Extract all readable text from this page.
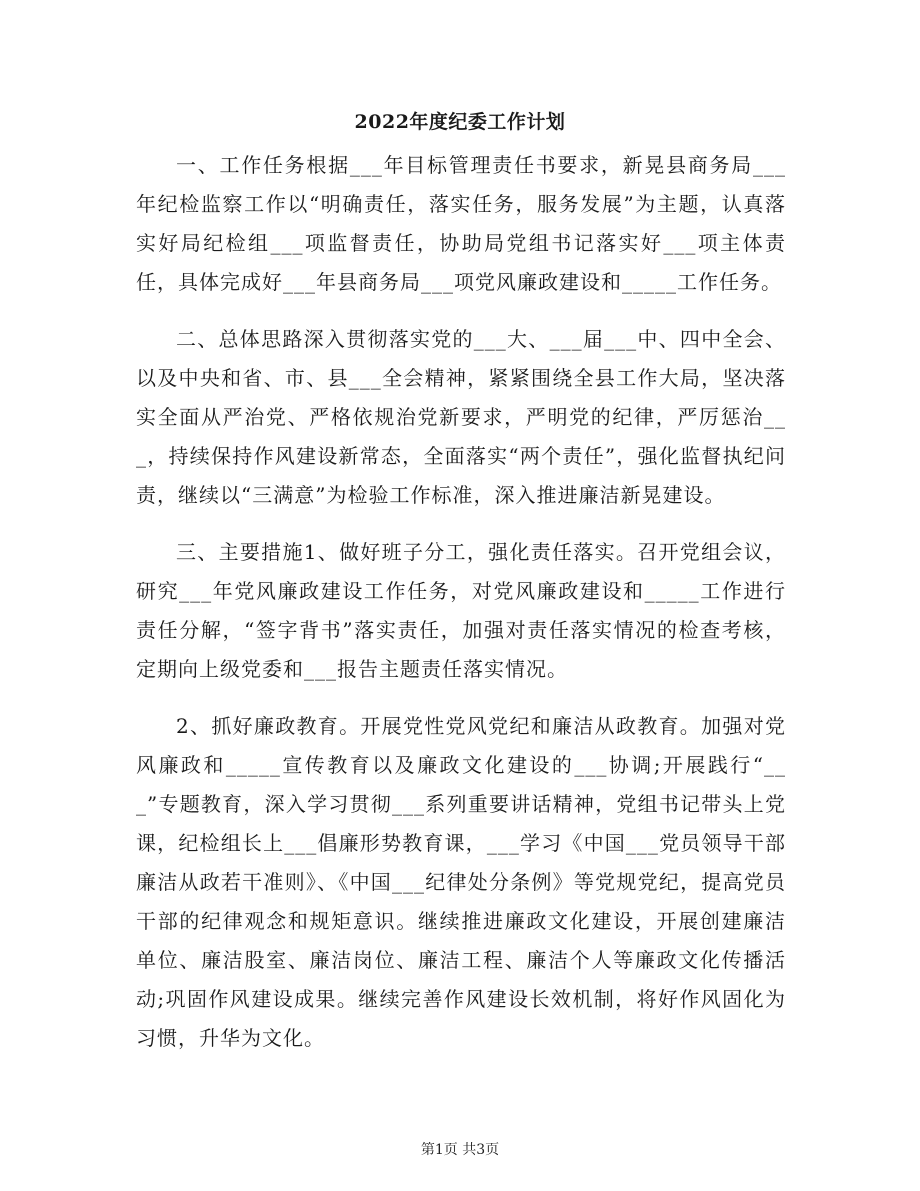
2022年度纪委工作计划

一、工作任务根据___年目标管理责任书要求，新晃县商务局___年纪检监察工作以“明确责任，落实任务，服务发展”为主题，认真落实好局纪检组___项监督责任，协助局党组书记落实好___项主体责任，具体完成好___年县商务局___项党风廉政建设和_____工作任务。

二、总体思路深入贯彻落实党的___大、___届___中、四中全会、以及中央和省、市、县___全会精神，紧紧围绕全县工作大局，坚决落实全面从严治党、严格依规治党新要求，严明党的纪律，严厉惩治___，持续保持作风建设新常态，全面落实“两个责任”，强化监督执纪问责，继续以“三满意”为检验工作标准，深入推进廉洁新晃建设。

三、主要措施1、做好班子分工，强化责任落实。召开党组会议，研究___年党风廉政建设工作任务，对党风廉政建设和_____工作进行责任分解，“签字背书”落实责任，加强对责任落实情况的检查考核，定期向上级党委和___报告主题责任落实情况。

2、抓好廉政教育。开展党性党风党纪和廉洁从政教育。加强对党风廉政和_____宣传教育以及廉政文化建设的___协调;开展践行“___”专题教育，深入学习贯彻___系列重要讲话精神，党组书记带头上党课，纪检组长上___倡廉形势教育课，___学习《中国___党员领导干部廉洁从政若干准则》、《中国___纪律处分条例》等党规党纪，提高党员干部的纪律观念和规矩意识。继续推进廉政文化建设，开展创建廉洁单位、廉洁股室、廉洁岗位、廉洁工程、廉洁个人等廉政文化传播活动;巩固作风建设成果。继续完善作风建设长效机制，将好作风固化为习惯，升华为文化。

第1页 共3页
